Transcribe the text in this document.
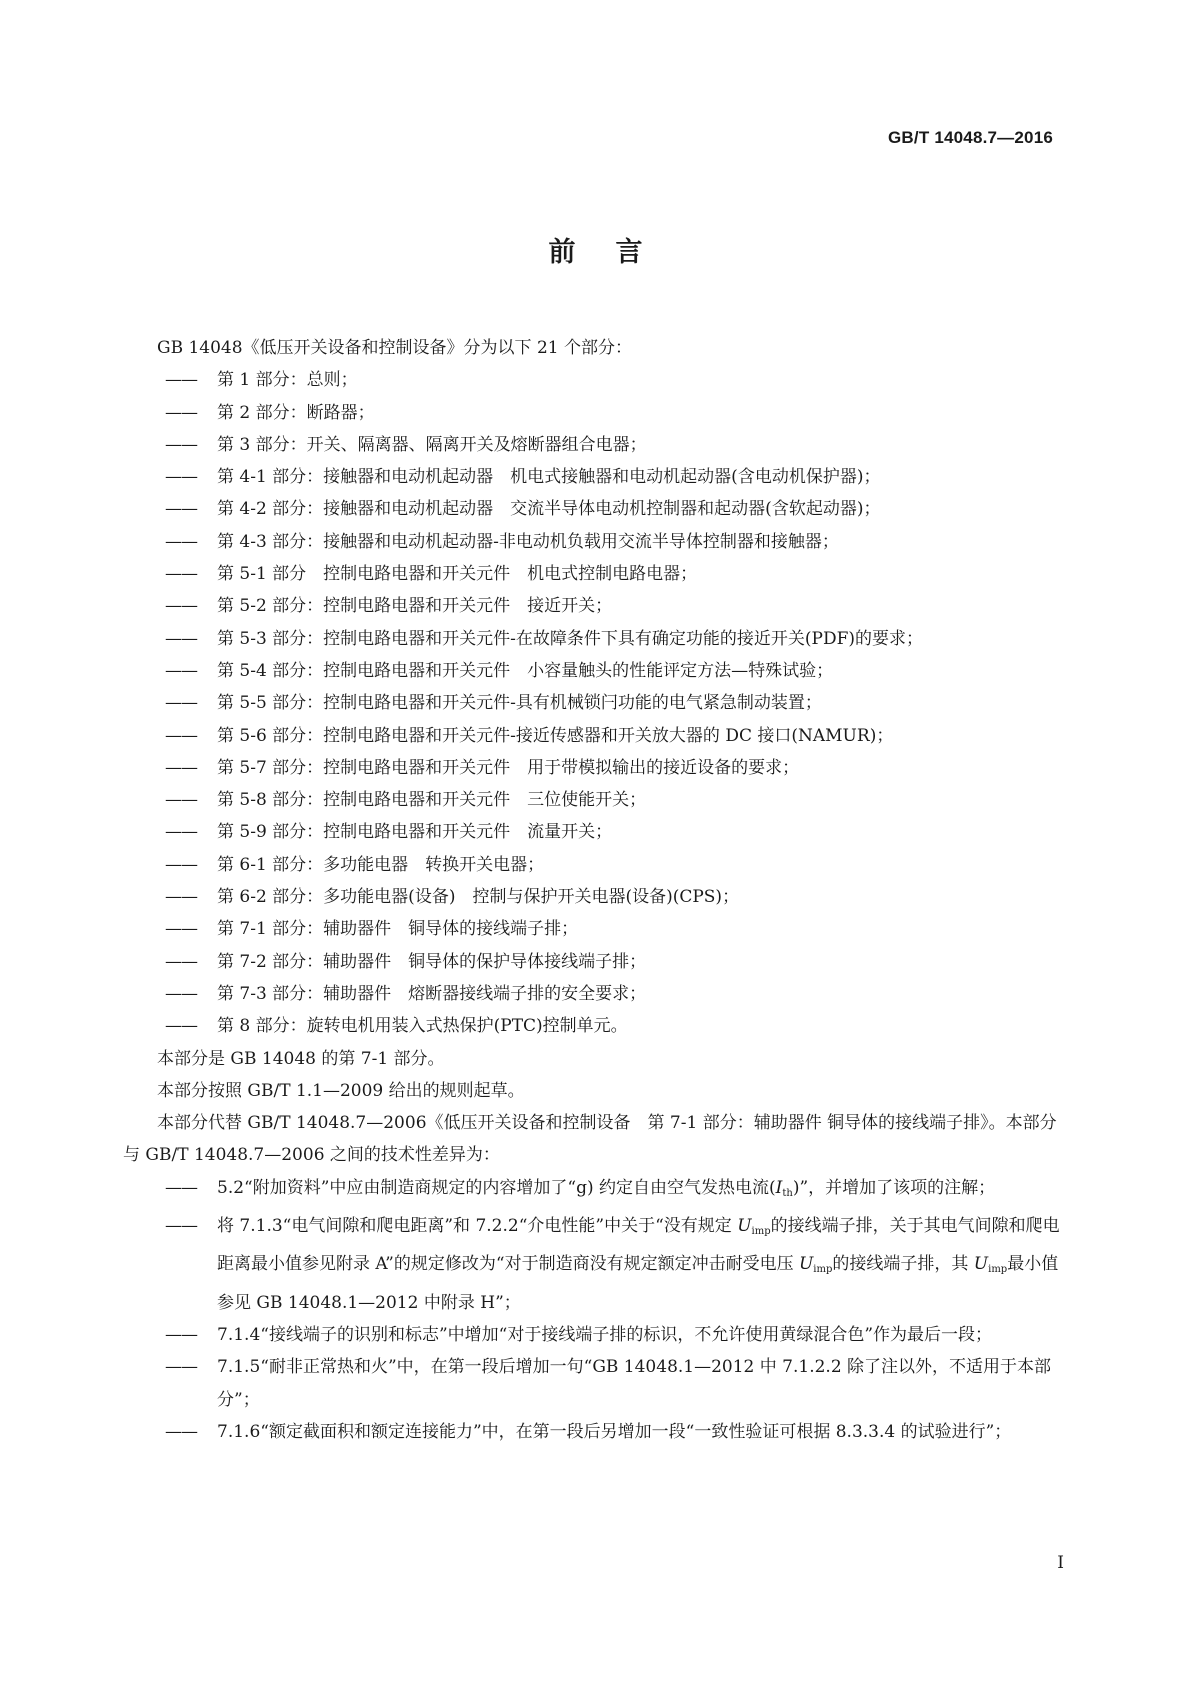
GB/T 14048.7—2016
前言
GB 14048《低压开关设备和控制设备》分为以下 21 个部分：
—— 第 1 部分：总则；
—— 第 2 部分：断路器；
—— 第 3 部分：开关、隔离器、隔离开关及熔断器组合电器；
—— 第 4-1 部分：接触器和电动机起动器　机电式接触器和电动机起动器(含电动机保护器)；
—— 第 4-2 部分：接触器和电动机起动器　交流半导体电动机控制器和起动器(含软起动器)；
—— 第 4-3 部分：接触器和电动机起动器-非电动机负载用交流半导体控制器和接触器；
—— 第 5-1 部分　控制电路电器和开关元件　机电式控制电路电器；
—— 第 5-2 部分：控制电路电器和开关元件　接近开关；
—— 第 5-3 部分：控制电路电器和开关元件-在故障条件下具有确定功能的接近开关(PDF)的要求；
—— 第 5-4 部分：控制电路电器和开关元件　小容量触头的性能评定方法—特殊试验；
—— 第 5-5 部分：控制电路电器和开关元件-具有机械锁闩功能的电气紧急制动装置；
—— 第 5-6 部分：控制电路电器和开关元件-接近传感器和开关放大器的 DC 接口(NAMUR)；
—— 第 5-7 部分：控制电路电器和开关元件　用于带模拟输出的接近设备的要求；
—— 第 5-8 部分：控制电路电器和开关元件　三位使能开关；
—— 第 5-9 部分：控制电路电器和开关元件　流量开关；
—— 第 6-1 部分：多功能电器　转换开关电器；
—— 第 6-2 部分：多功能电器(设备)　控制与保护开关电器(设备)(CPS)；
—— 第 7-1 部分：辅助器件　铜导体的接线端子排；
—— 第 7-2 部分：辅助器件　铜导体的保护导体接线端子排；
—— 第 7-3 部分：辅助器件　熔断器接线端子排的安全要求；
—— 第 8 部分：旋转电机用装入式热保护(PTC)控制单元。
本部分是 GB 14048 的第 7-1 部分。
本部分按照 GB/T 1.1—2009 给出的规则起草。
本部分代替 GB/T 14048.7—2006《低压开关设备和控制设备　第 7-1 部分：辅助器件 铜导体的接线端子排》。本部分与 GB/T 14048.7—2006 之间的技术性差异为：
—— 5.2“附加资料”中应由制造商规定的内容增加了“g) 约定自由空气发热电流$(I_{th})$”，并增加了该项的注解；
—— 将 7.1.3“电气间隙和爬电距离”和 7.2.2“介电性能”中关于“没有规定 $U_{imp}$的接线端子排，关于其电气间隙和爬电距离最小值参见附录 A”的规定修改为“对于制造商没有规定额定冲击耐受电压 $U_{imp}$的接线端子排，其 $U_{imp}$最小值参见 GB 14048.1—2012 中附录 H”；
—— 7.1.4“接线端子的识别和标志”中增加“对于接线端子排的标识，不允许使用黄绿混合色”作为最后一段；
—— 7.1.5“耐非正常热和火”中，在第一段后增加一句“GB 14048.1—2012 中 7.1.2.2 除了注以外，不适用于本部分”；
—— 7.1.6“额定截面积和额定连接能力”中，在第一段后另增加一段“一致性验证可根据 8.3.3.4 的试验进行”；
I
